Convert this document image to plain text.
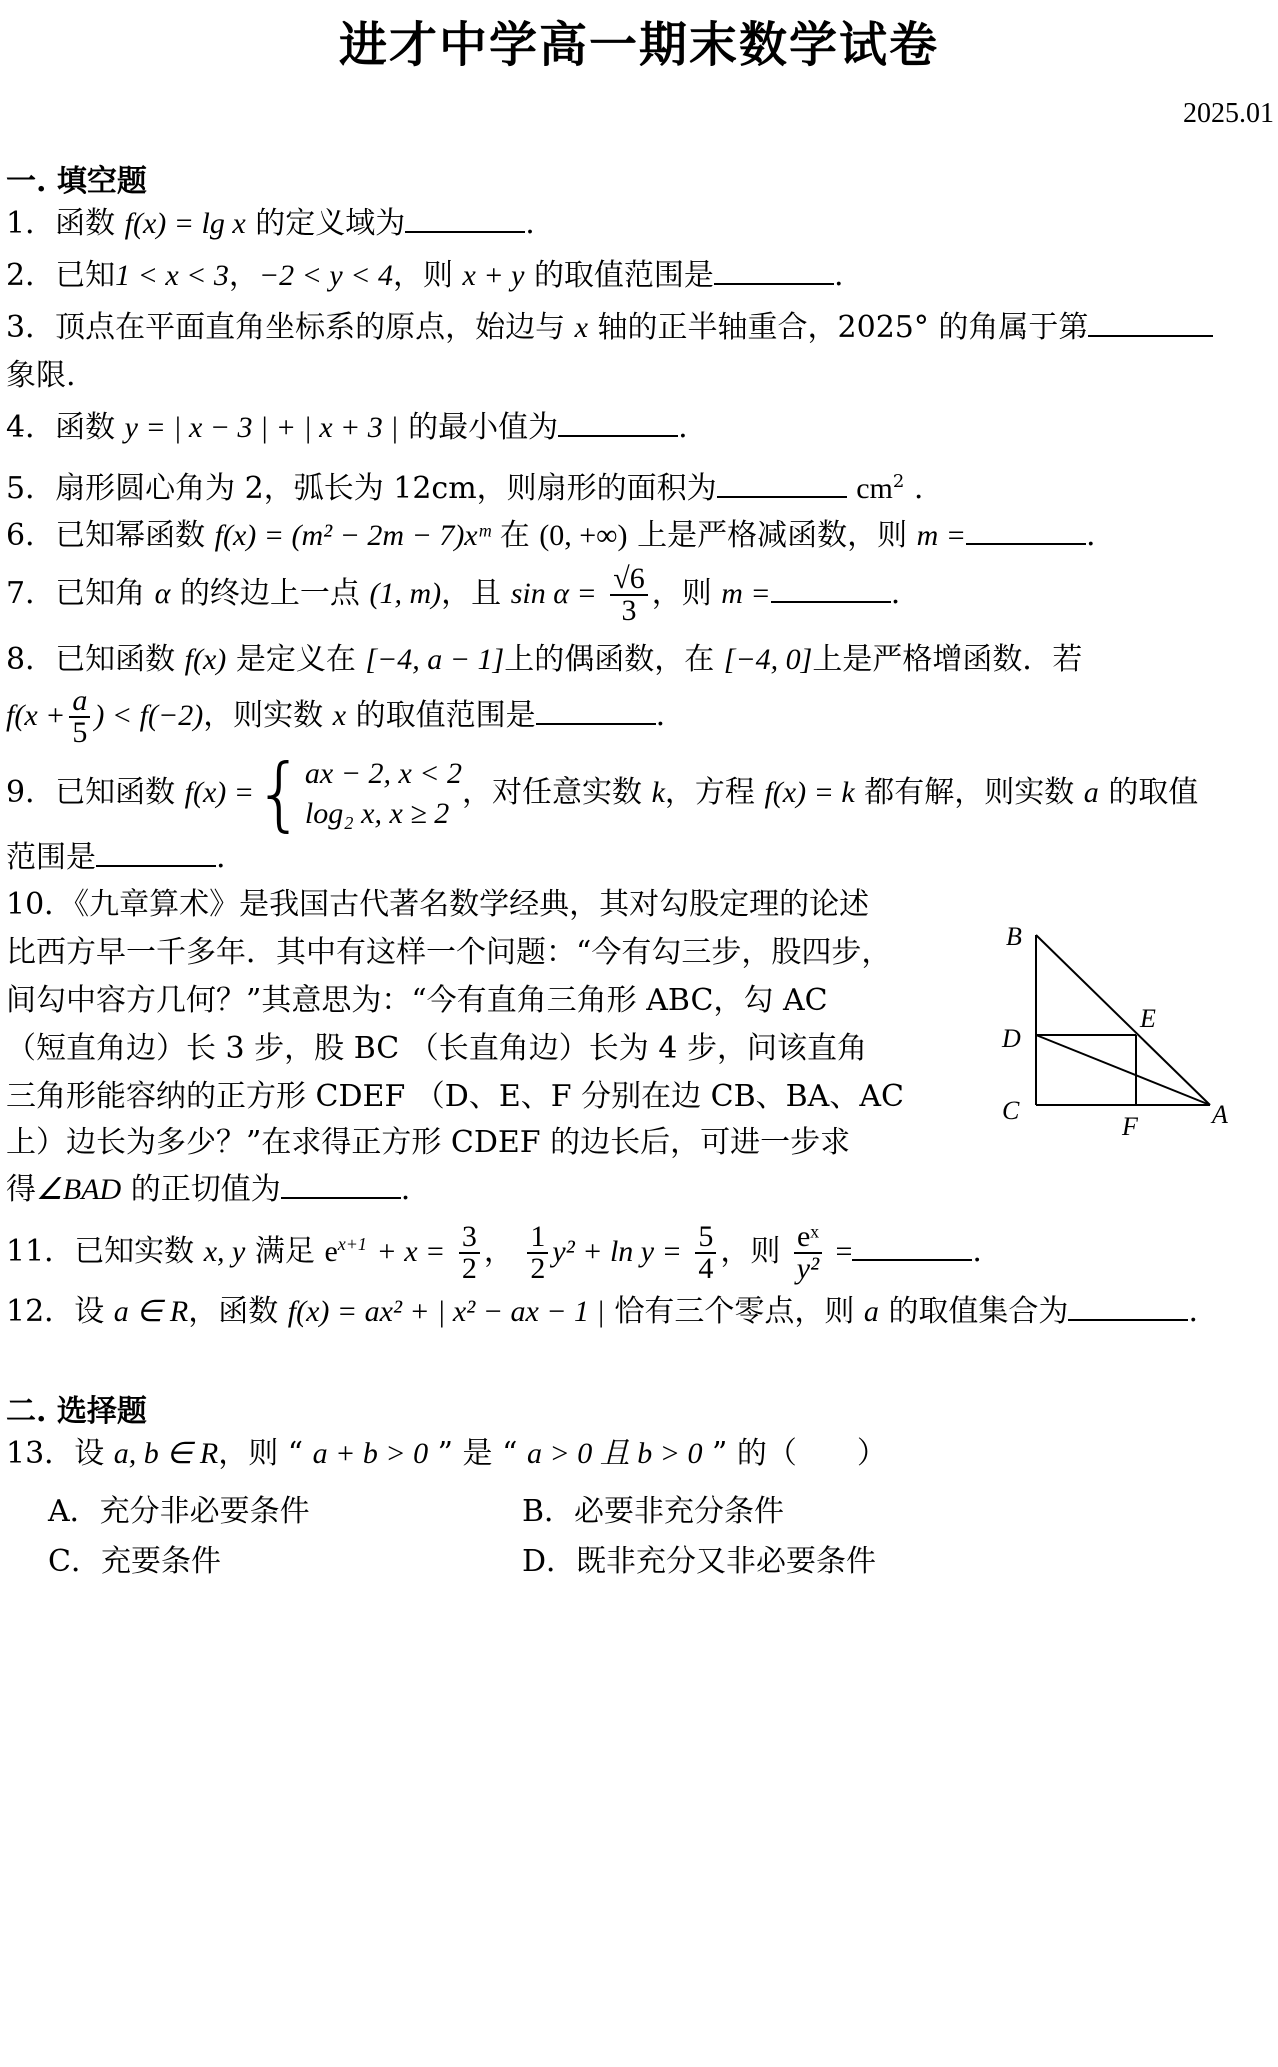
进才中学高一期末数学试卷
2025.01
一. 填空题
1．函数 f(x) = lg x 的定义域为	.
2．已知1 < x < 3，−2 < y < 4，则 x + y 的取值范围是	.
3．顶点在平面直角坐标系的原点，始边与 x 轴的正半轴重合，2025° 的角属于第
象限.
4．函数 y = | x − 3 | + | x + 3 | 的最小值为	.
5．扇形圆心角为 2，弧长为 12cm，则扇形的面积为	$cm^2$ .
6．已知幂函数 f(x) = (m² − 2m − 7)xᵐ 在 (0, +∞) 上是严格减函数，则 m =	.
7．已知角 α 的终边上一点 (1, m)，且 $\sin \alpha = \frac{√6}{3}$ ，则 m =	.
8．已知函数 f(x) 是定义在 [−4, a − 1]上的偶函数，在 [−4, 0]上是严格增函数．若
$f(x + \frac{a}{5}$ ) < f(−2)，则实数 x 的取值范围是	.
9．已知函数 f(x) ={ ax − 2, x < 2
log₂ x, x ≥ 2
，对任意实数 k，方程 f(x) = k 都有解，则实数 a 的取值
范围是	.
10．《九章算术》是我国古代著名数学经典，其对勾股定理的论述
比西方早一千多年．其中有这样一个问题：“今有勾三步，股四步，
间勾中容方几何？”其意思为：“今有直角三角形 ABC，勾 AC
（短直角边）长 3 步，股 BC （长直角边）长为 4 步，问该直角
三角形能容纳的正方形 CDEF （D、E、F 分别在边 CB、BA、AC
上）边长为多少？”在求得正方形 CDEF 的边长后，可进一步求
得∠BAD 的正切值为	.
B
D
E
C
F	A
11．已知实数 x, y 满足 $e^{x+1} + x = \frac{3}{2}$ ， $\frac{1}{2} y^2 + \ln y = \frac{5}{4}$ ，则 $\frac{\text{eˣ}}{\text{y²}}$ =	.
12．设 a ∈ R，函数 f(x) = ax² + | x² − ax − 1 | 恰有三个零点，则 a 的取值集合为	.
二. 选择题
13．设 a, b ∈ R，则 “ a + b > 0 ” 是 “ a > 0 且 b > 0 ” 的（　　）
A．充分非必要条件	B．必要非充分条件
C．充要条件	D．既非充分又非必要条件
